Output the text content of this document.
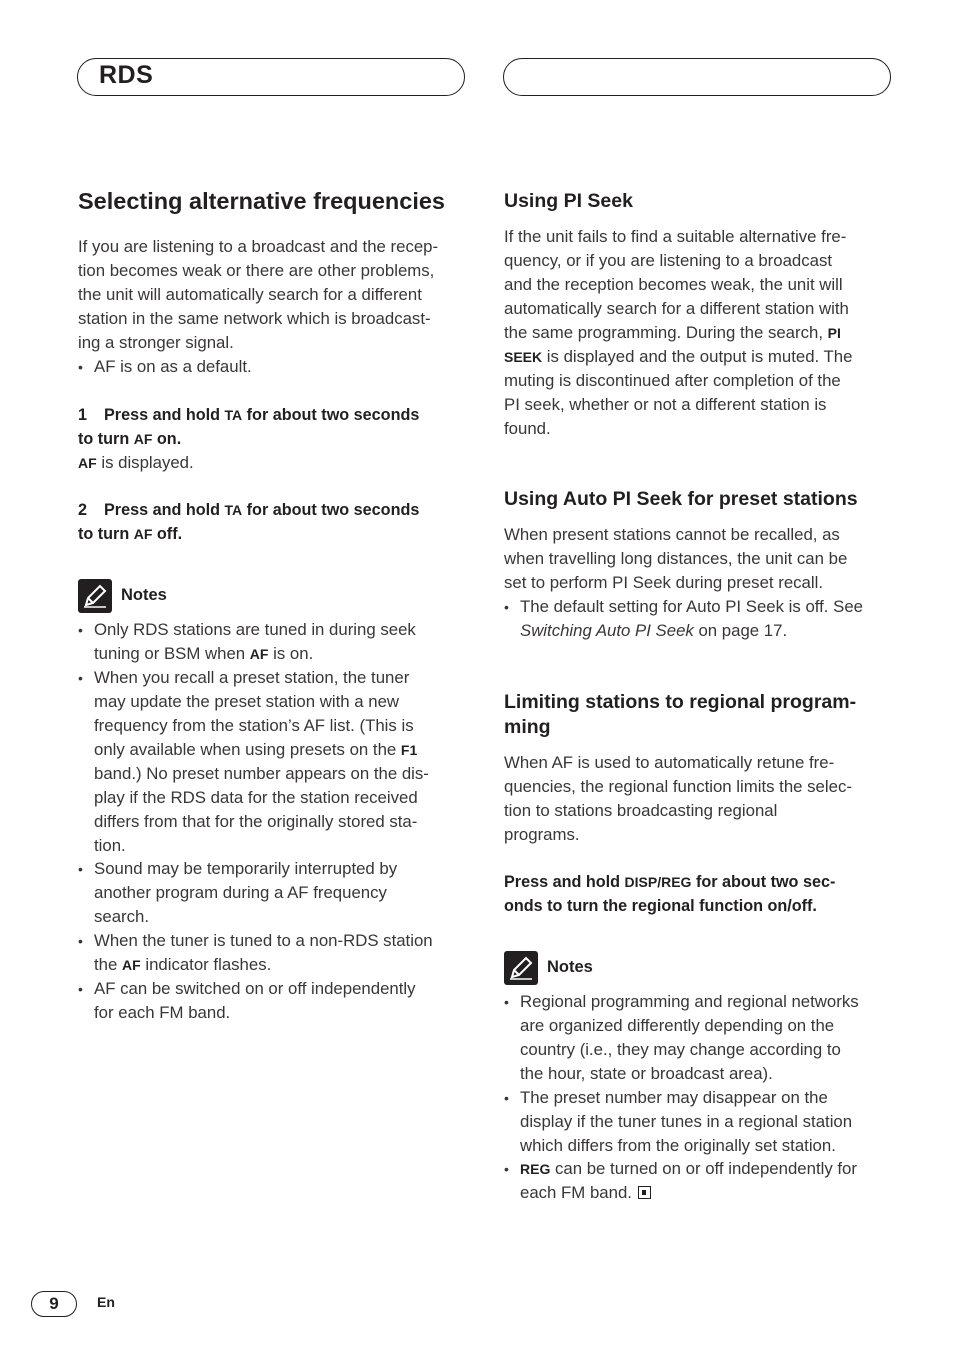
RDS
Selecting alternative frequencies
If you are listening to a broadcast and the recep-
tion becomes weak or there are other problems,
the unit will automatically search for a different
station in the same network which is broadcast-
ing a stronger signal.
• AF is on as a default.
1 Press and hold TA for about two seconds
to turn AF on.
AF is displayed.
2 Press and hold TA for about two seconds
to turn AF off.
Notes
• Only RDS stations are tuned in during seek
tuning or BSM when AF is on.
• When you recall a preset station, the tuner
may update the preset station with a new
frequency from the station’s AF list. (This is
only available when using presets on the F1
band.) No preset number appears on the dis-
play if the RDS data for the station received
differs from that for the originally stored sta-
tion.
• Sound may be temporarily interrupted by
another program during a AF frequency
search.
• When the tuner is tuned to a non-RDS station
the AF indicator flashes.
• AF can be switched on or off independently
for each FM band.
Using PI Seek
If the unit fails to find a suitable alternative fre-
quency, or if you are listening to a broadcast
and the reception becomes weak, the unit will
automatically search for a different station with
the same programming. During the search, PI
SEEK is displayed and the output is muted. The
muting is discontinued after completion of the
PI seek, whether or not a different station is
found.
Using Auto PI Seek for preset stations
When present stations cannot be recalled, as
when travelling long distances, the unit can be
set to perform PI Seek during preset recall.
• The default setting for Auto PI Seek is off. See
Switching Auto PI Seek on page 17.
Limiting stations to regional program-
ming
When AF is used to automatically retune fre-
quencies, the regional function limits the selec-
tion to stations broadcasting regional
programs.
Press and hold DISP/REG for about two sec-
onds to turn the regional function on/off.
Notes
• Regional programming and regional networks
are organized differently depending on the
country (i.e., they may change according to
the hour, state or broadcast area).
• The preset number may disappear on the
display if the tuner tunes in a regional station
which differs from the originally set station.
• REG can be turned on or off independently for
each FM band.
9	En
